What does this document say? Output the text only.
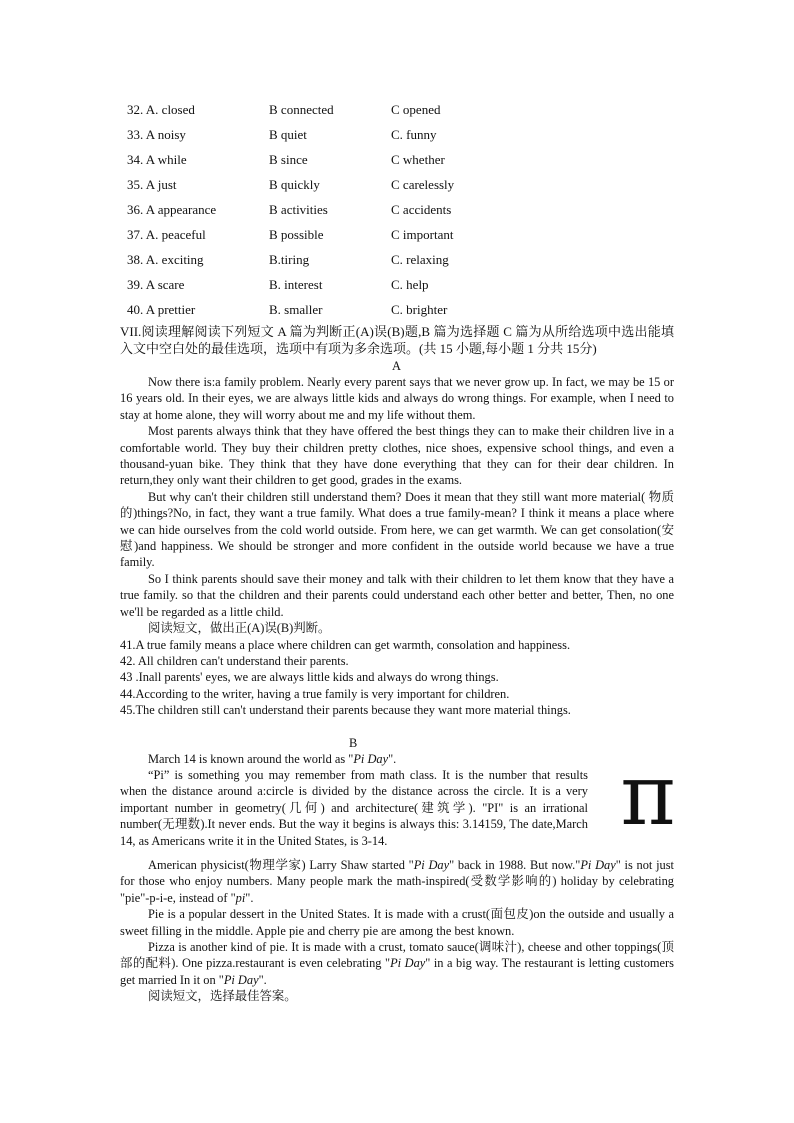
32. A. closed	B connected	C opened
33. A noisy	B quiet	C. funny
34. A while	B since	C whether
35. A just	B quickly	C carelessly
36. A appearance	B activities	C accidents
37. A. peaceful	B possible	C important
38. A. exciting	B.tiring	C. relaxing
39. A scare	B. interest	C. help
40. A prettier	B. smaller	C. brighter
VII.阅读理解阅读下列短文 A 篇为判断正(A)误(B)题,B 篇为选择题 C 篇为从所给选项中选出能填入文中空白处的最佳选项，选项中有项为多余选项。(共 15 小题,每小题 1 分共 15分)
A

Now there is:a family problem. Nearly every parent says that we never grow up. In fact, we may be 15 or 16 years old. In their eyes, we are always little kids and always do wrong things. For example, when I need to stay at home alone, they will worry about me and my life without them.

Most parents always think that they have offered the best things they can to make their children live in a comfortable world. They buy their children pretty clothes, nice shoes, expensive school things, and even a thousand-yuan bike. They think that they have done everything that they can for their dear children. In return,they only want their children to get good, grades in the exams.

But why can't their children still understand them? Does it mean that they still want more material( 物质的)things?No, in fact, they want a true family. What does a true family-mean? I think it means a place where we can hide ourselves from the cold world outside. From here, we can get warmth. We can get consolation(安慰)and happiness. We should be stronger and more confident in the outside world because we have a true family.

So I think parents should save their money and talk with their children to let them know that they have a true family. so that the children and their parents could understand each other better and better, Then, no one we'll be regarded as a little child.

阅读短文，做出正(A)误(B)判断。

41.A true family means a place where children can get warmth, consolation and happiness.

42. All children can't understand their parents.

43 .Inall parents' eyes, we are always little kids and always do wrong things.

44.According to the writer, having a true family is very important for children.

45.The children still can't understand their parents because they want more material things.

B
March 14 is known around the world as "Pi Day".
“Pi” is something you may remember from math class. It is the number that results when the distance around a:circle is divided by the distance across the circle. It is a very important number in geometry(几何) and architecture(建筑学). "PI" is an irrational number(无理数).It never ends. But the way it begins is always this: 3.14159, The date,March 14, as Americans write it in the United States, is 3-14.	π

American physicist(物理学家) Larry Shaw started "Pi Day" back in 1988. But now."Pi Day" is not just for those who enjoy numbers. Many people mark the math-inspired(受数学影响的) holiday by celebrating "pie"-p-i-e, instead of "pi".

Pie is a popular dessert in the United States. It is made with a crust(面包皮)on the outside and usually a sweet filling in the middle. Apple pie and cherry pie are among the best known.

Pizza is another kind of pie. It is made with a crust, tomato sauce(调味汁), cheese and other toppings(顶部的配料). One pizza.restaurant is even celebrating "Pi Day" in a big way. The restaurant is letting customers get married In it on "Pi Day".

阅读短文，选择最佳答案。
